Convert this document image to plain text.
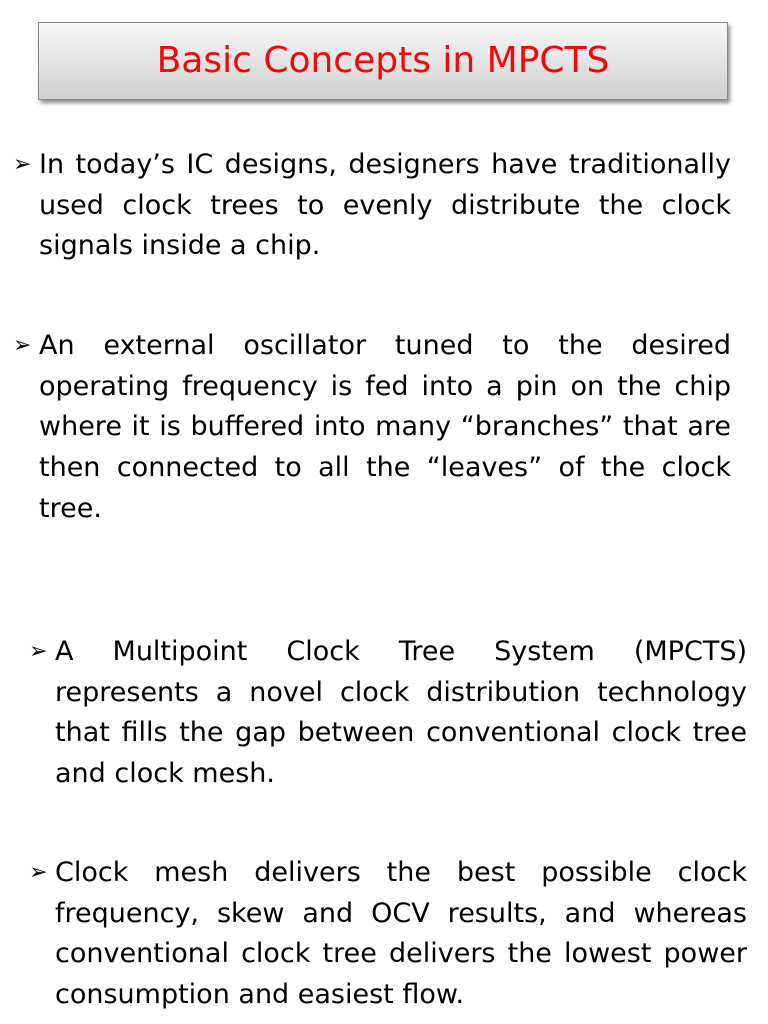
Basic Concepts in MPCTS
➢ In today’s IC designs, designers have traditionally used clock trees to evenly distribute the clock signals inside a chip.
➢ An external oscillator tuned to the desired operating frequency is fed into a pin on the chip where it is buffered into many “branches” that are then connected to all the “leaves” of the clock tree.
➢ A Multipoint Clock Tree System (MPCTS) represents a novel clock distribution technology that fills the gap between conventional clock tree and clock mesh.
➢ Clock mesh delivers the best possible clock frequency, skew and OCV results, and whereas conventional clock tree delivers the lowest power consumption and easiest flow.
